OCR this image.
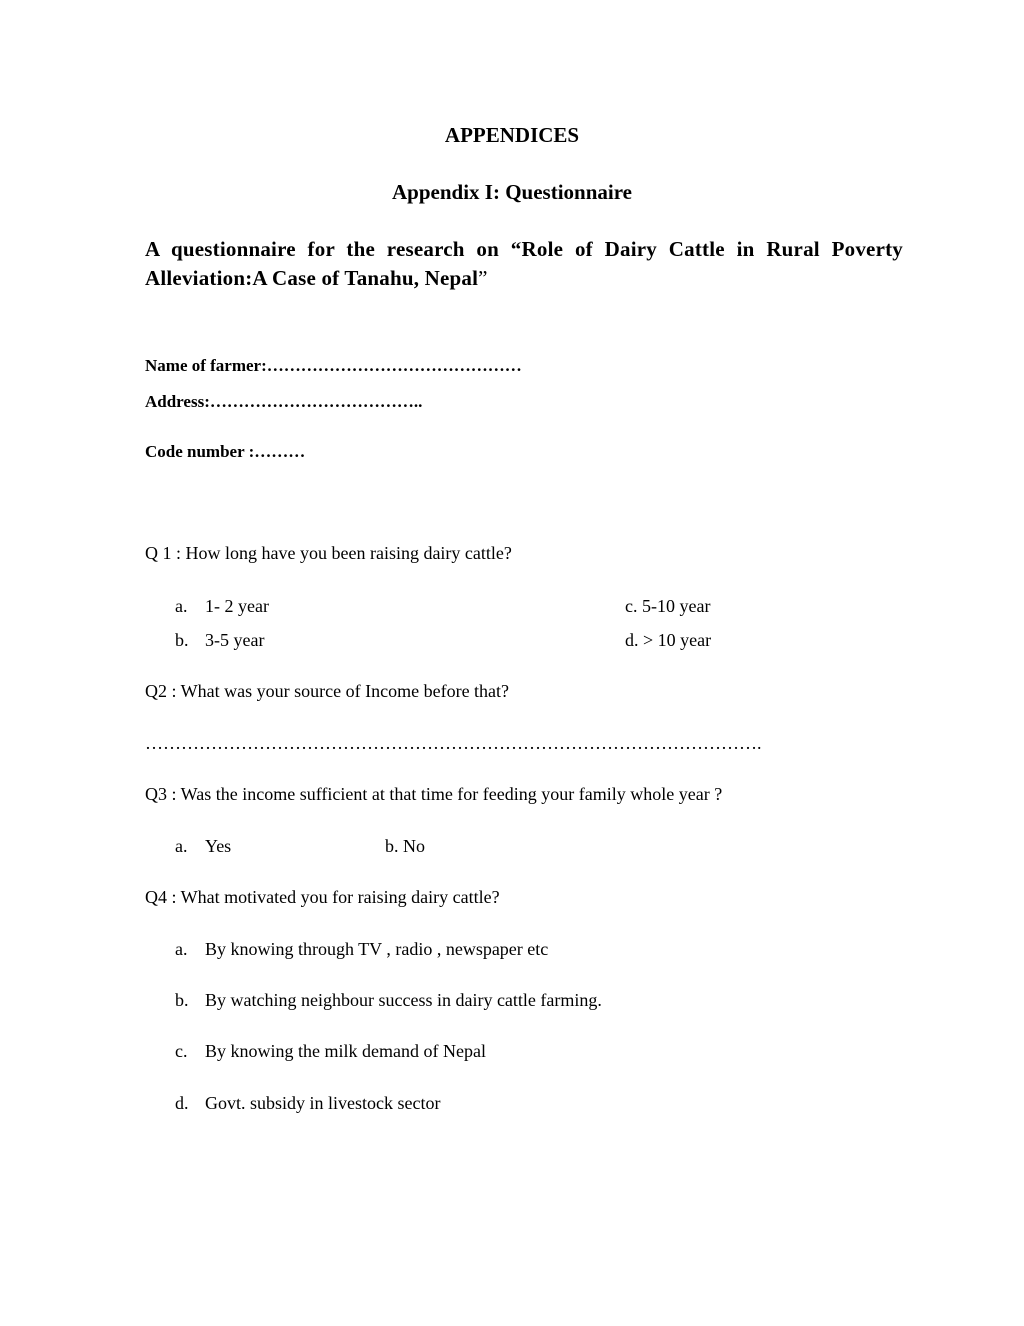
APPENDICES
Appendix I: Questionnaire
A questionnaire for the research on “Role of Dairy Cattle in Rural Poverty
Alleviation:A Case of Tanahu, Nepal”
Name of farmer:………………………………………
Address:………………………………..
Code number :………
Q 1 : How long have you been raising dairy cattle?
a. 1- 2 year
b. 3-5 year
c. 5-10 year
d. > 10 year
Q2 : What was your source of Income before that?
………………………………………………………………………………………….
Q3 : Was the income sufficient at that time for feeding your family whole year ?
a. Yes	b. No
Q4 : What motivated you for raising dairy cattle?
a. By knowing through TV , radio , newspaper etc
b. By watching neighbour success in dairy cattle farming.
c. By knowing the milk demand of Nepal
d. Govt. subsidy in livestock sector
